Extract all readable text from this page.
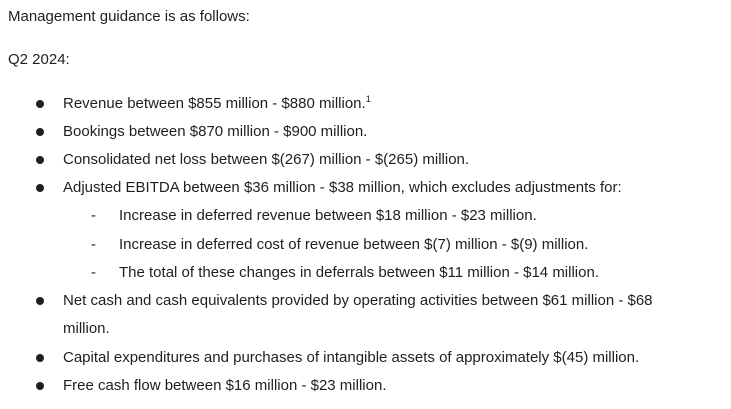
Management guidance is as follows:
Q2 2024:
Revenue between $855 million - $880 million.$^1$
Bookings between $870 million - $900 million.
Consolidated net loss between $(267) million - $(265) million.
Adjusted EBITDA between $36 million - $38 million, which excludes adjustments for:
- Increase in deferred revenue between $18 million - $23 million.
- Increase in deferred cost of revenue between $(7) million - $(9) million.
- The total of these changes in deferrals between $11 million - $14 million.
Net cash and cash equivalents provided by operating activities between $61 million - $68
million.
Capital expenditures and purchases of intangible assets of approximately $(45) million.
Free cash flow between $16 million - $23 million.
